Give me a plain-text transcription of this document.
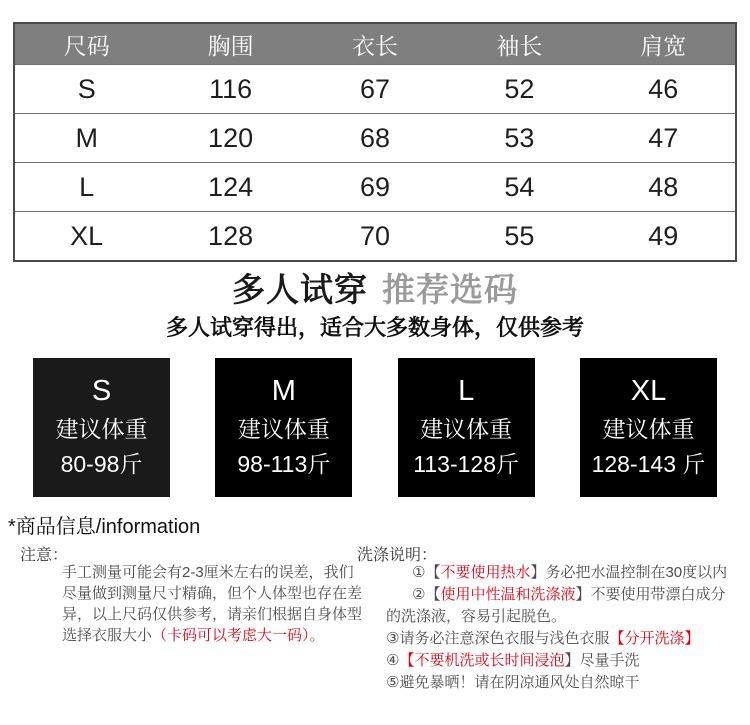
尺码	胸围	衣长	袖长	肩宽
S	116	67	52	46
M	120	68	53	47
L	124	69	54	48
XL	128	70	55	49
多人试穿 推荐选码
多人试穿得出，适合大多数身体，仅供参考
S
建议体重
80-98斤
M
建议体重
98-113斤
L
建议体重
113-128斤
XL
建议体重
128-143 斤
*商品信息/information
注意：
手工测量可能会有2-3厘米左右的误差，我们
尽量做到测量尺寸精确，但个人体型也存在差
异，以上尺码仅供参考，请亲们根据自身体型
选择衣服大小（卡码可以考虑大一码）。
洗涤说明：
①【不要使用热水】务必把水温控制在30度以内
②【使用中性温和洗涤液】不要使用带漂白成分
的洗涤液，容易引起脱色。
③请务必注意深色衣服与浅色衣服【分开洗涤】
④【不要机洗或长时间浸泡】尽量手洗
⑤避免暴晒！请在阴凉通风处自然晾干
